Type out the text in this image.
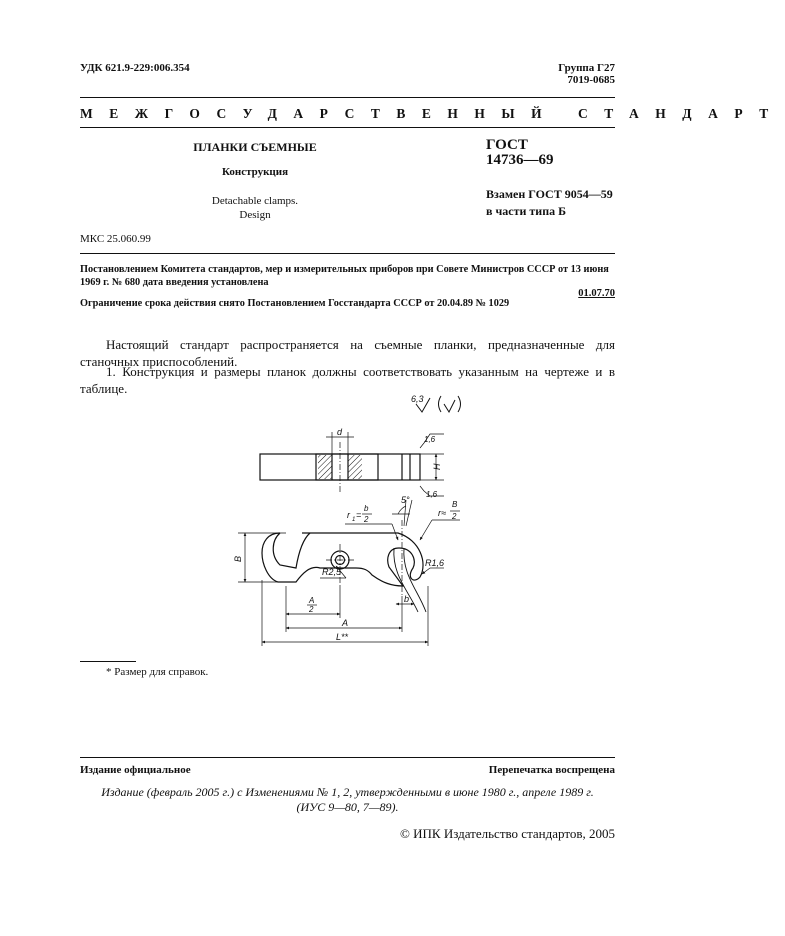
УДК 621.9-229:006.354	Группа Г27
7019-0685
МЕЖГОСУДАРСТВЕННЫЙ СТАНДАРТ
ПЛАНКИ СЪЕМНЫЕ
Конструкция
Detachable clamps.
Design
ГОСТ
14736—69
Взамен ГОСТ 9054—59
в части типа Б
МКС 25.060.99
Постановлением Комитета стандартов, мер и измерительных приборов при Совете Министров СССР от 13 июня
1969 г. № 680 дата введения установлена
01.07.70
Ограничение срока действия снято Постановлением Госстандарта СССР от 20.04.89 № 1029
Настоящий стандарт распространяется на съемные планки, предназначенные для станочных приспособлений.
1. Конструкция и размеры планок должны соответствовать указанным на чертеже и в таблице.
6,3
d
1,6
1,6
H
5°
r 1 =
b
2
r≈
B
2
B
R2,5
R1,6
A
2
b
A
L**
* Размер для справок.
Издание официальное	Перепечатка воспрещена
Издание (февраль 2005 г.) с Изменениями № 1, 2, утвержденными в июне 1980 г., апреле 1989 г.
(ИУС 9—80, 7—89).
© ИПК Издательство стандартов, 2005
